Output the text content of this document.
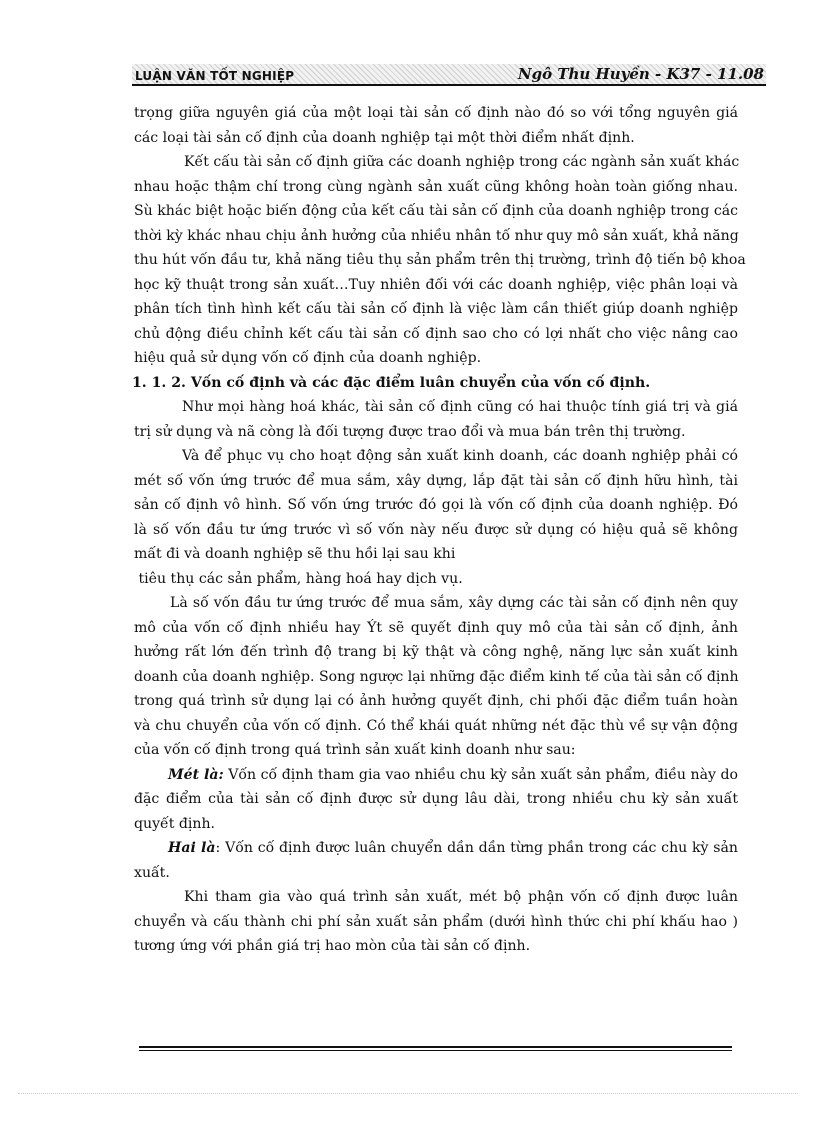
LUẬN VĂN TỐT NGHIỆP	Ngô Thu Huyền - K37 - 11.08
trọng giữa nguyên giá của một loại tài sản cố định nào đó so với tổng nguyên giá
các loại tài sản cố định của doanh nghiệp tại một thời điểm nhất định.
Kết cấu tài sản cố định giữa các doanh nghiệp trong các ngành sản xuất khác
nhau hoặc thậm chí trong cùng ngành sản xuất cũng không hoàn toàn giống nhau.
Sù khác biệt hoặc biến động của kết cấu tài sản cố định của doanh nghiệp trong các
thời kỳ khác nhau chịu ảnh hưởng của nhiều nhân tố như quy mô sản xuất, khả năng
thu hút vốn đầu tư, khả năng tiêu thụ sản phẩm trên thị trường, trình độ tiến bộ khoa
học kỹ thuật trong sản xuất…Tuy nhiên đối với các doanh nghiệp, việc phân loại và
phân tích tình hình kết cấu tài sản cố định là việc làm cần thiết giúp doanh nghiệp
chủ động điều chỉnh kết cấu tài sản cố định sao cho có lợi nhất cho việc nâng cao
hiệu quả sử dụng vốn cố định của doanh nghiệp.
1. 1. 2. Vốn cố định và các đặc điểm luân chuyển của vốn cố định.
Như mọi hàng hoá khác, tài sản cố định cũng có hai thuộc tính giá trị và giá
trị sử dụng và nã còng là đối tượng được trao đổi và mua bán trên thị trường.
Và để phục vụ cho hoạt động sản xuất kinh doanh, các doanh nghiệp phải có
mét số vốn ứng trước để mua sắm, xây dựng, lắp đặt tài sản cố định hữu hình, tài
sản cố định vô hình. Số vốn ứng trước đó gọi là vốn cố định của doanh nghiệp. Đó
là số vốn đầu tư ứng trước vì số vốn này nếu được sử dụng có hiệu quả sẽ không
mất đi và doanh nghiệp sẽ thu hồi lại sau khi
tiêu thụ các sản phẩm, hàng hoá hay dịch vụ.
Là số vốn đầu tư ứng trước để mua sắm, xây dựng các tài sản cố định nên quy
mô của vốn cố định nhiều hay Ýt sẽ quyết định quy mô của tài sản cố định, ảnh
hưởng rất lớn đến trình độ trang bị kỹ thật và công nghệ, năng lực sản xuất kinh
doanh của doanh nghiệp. Song ngược lại những đặc điểm kinh tế của tài sản cố định
trong quá trình sử dụng lại có ảnh hưởng quyết định, chi phối đặc điểm tuần hoàn
và chu chuyển của vốn cố định. Có thể khái quát những nét đặc thù về sự vận động
của vốn cố định trong quá trình sản xuất kinh doanh như sau:
Mét là: Vốn cố định tham gia vao nhiều chu kỳ sản xuất sản phẩm, điều này do
đặc điểm của tài sản cố định được sử dụng lâu dài, trong nhiều chu kỳ sản xuất
quyết định.
Hai là: Vốn cố định được luân chuyển dần dần từng phần trong các chu kỳ sản
xuất.
Khi tham gia vào quá trình sản xuất, mét bộ phận vốn cố định được luân
chuyển và cấu thành chi phí sản xuất sản phẩm (dưới hình thức chi phí khấu hao )
tương ứng với phần giá trị hao mòn của tài sản cố định.
